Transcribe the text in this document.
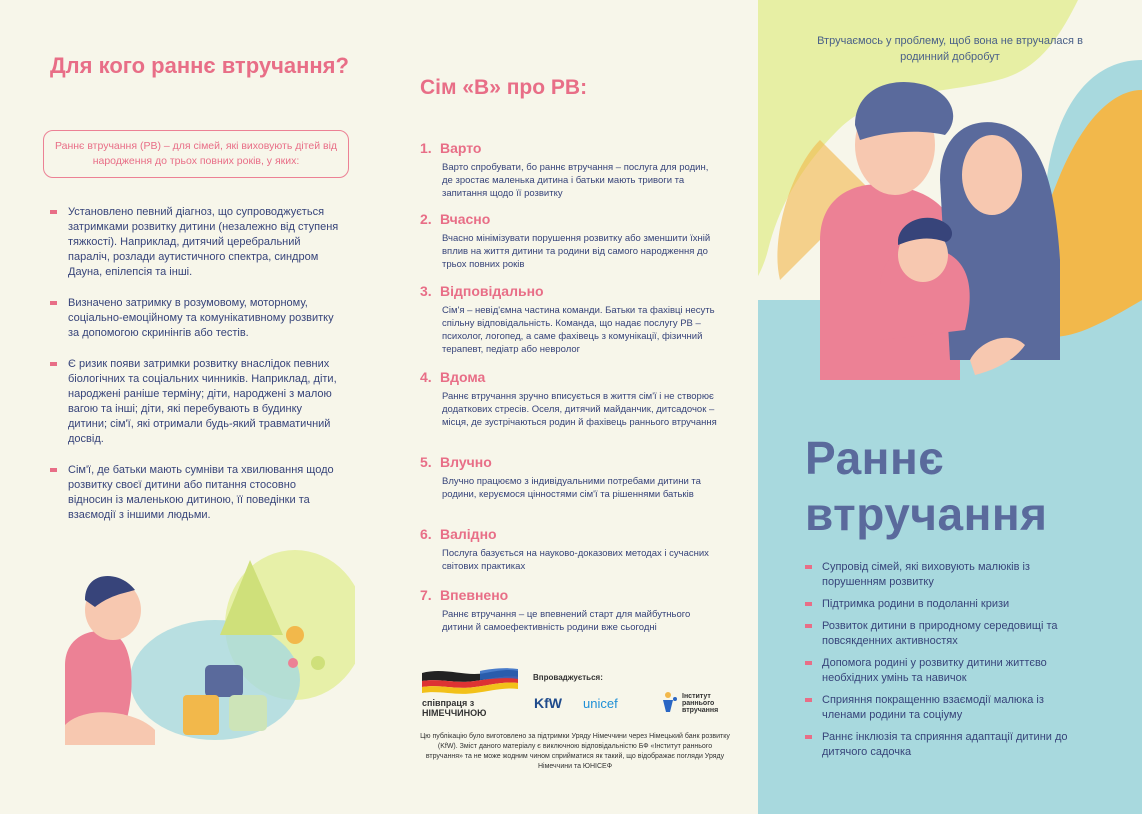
Втручаємось у проблему, щоб вона не втручалася в родинний добробут
Для кого раннє втручання?
Раннє втручання (РВ) – для сімей, які виховують дітей від народження до трьох повних років, у яких:
Установлено певний діагноз, що супроводжується затримками розвитку дитини (незалежно від ступеня тяжкості). Наприклад, дитячий церебральний параліч, розлади аутистичного спектра, синдром Дауна, епілепсія та інші.
Визначено затримку в розумовому, моторному, соціально-емоційному та комунікативному розвитку за допомогою скринінгів або тестів.
Є ризик появи затримки розвитку внаслідок певних біологічних та соціальних чинників. Наприклад, діти, народжені раніше терміну; діти, народжені з малою вагою та інші; діти, які перебувають в будинку дитини; сім'ї, які отримали будь-який травматичний досвід.
Сім'ї, де батьки мають сумніви та хвилювання щодо розвитку своєї дитини або питання стосовно відносин із маленькою дитиною, її поведінки та взаємодії з іншими людьми.
Сім «В» про РВ:
1. Варто
Варто спробувати, бо раннє втручання – послуга для родин, де зростає маленька дитина і батьки мають тривоги та запитання щодо її розвитку
2. Вчасно
Вчасно мінімізувати порушення розвитку або зменшити їхній вплив на життя дитини та родини від самого народження до трьох повних років
3. Відповідально
Сім'я – невід'ємна частина команди. Батьки та фахівці несуть спільну відповідальність. Команда, що надає послугу РВ – психолог, логопед, а саме фахівець з комунікації, фізичний терапевт, педіатр або невролог
4. Вдома
Раннє втручання зручно вписується в життя сім'ї і не створює додаткових стресів. Оселя, дитячий майданчик, дитсадочок – місця, де зустрічаються родин й фахівець раннього втручання
5. Влучно
Влучно працюємо з індивідуальними потребами дитини та родини, керуємося цінностями сім'ї та рішеннями батьків
6. Валідно
Послуга базується на науково-доказових методах і сучасних світових практиках
7. Впевнено
Раннє втручання – це впевнений старт для майбутнього дитини й самоефективність родини вже сьогодні
співпраця з
НІМЕЧЧИНОЮ
Впроваджується:
KfW unicef	Інститут
раннього
втручання
Цю публікацію було виготовлено за підтримки Уряду Німеччини через Німецький банк розвитку (KfW). Зміст даного матеріалу є виключною відповідальністю БФ «Інститут раннього втручання» та не може жодним чином сприйматися як такий, що відображає погляди Уряду Німеччини та ЮНІСЕФ
Раннє
втручання
Супровід сімей, які виховують малюків із порушенням розвитку
Підтримка родини в подоланні кризи
Розвиток дитини в природному середовищі та повсякденних активностях
Допомога родині у розвитку дитини життєво необхідних умінь та навичок
Сприяння покращенню взаємодії малюка із членами родини та соціуму
Раннє інклюзія та сприяння адаптації дитини до дитячого садочка
